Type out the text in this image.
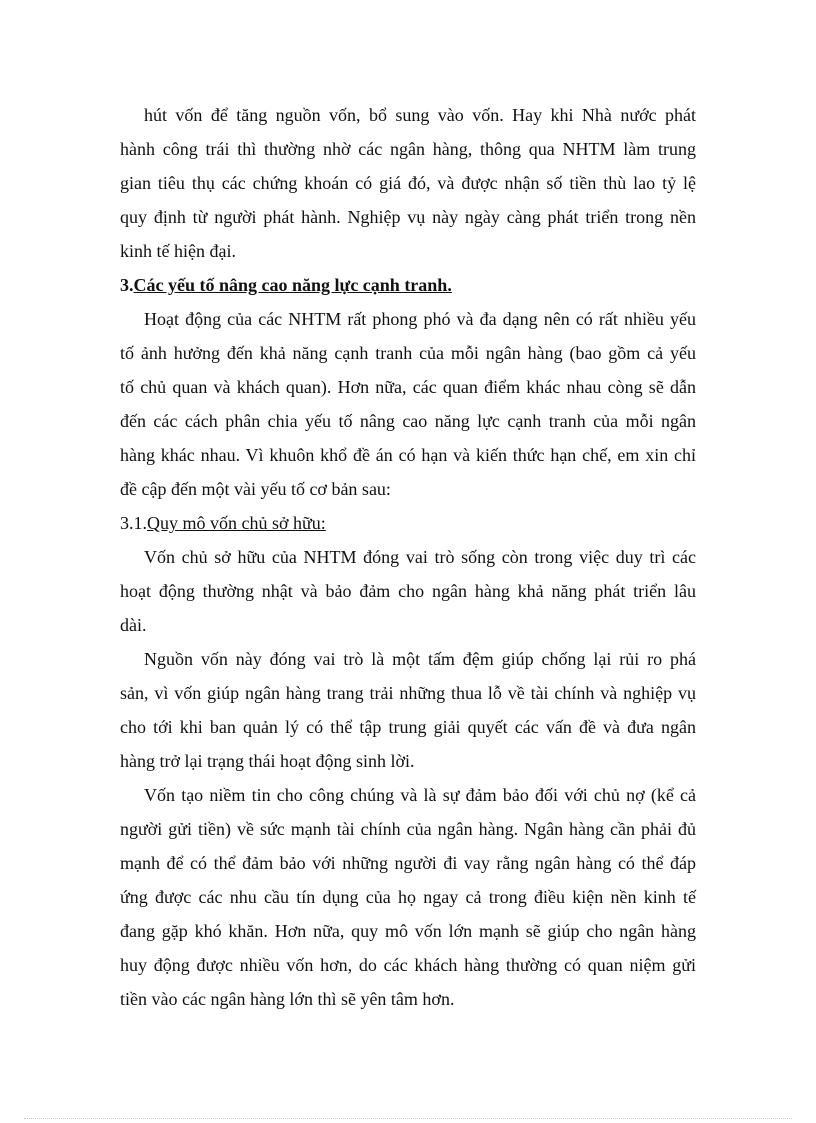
hút vốn để tăng nguồn vốn, bổ sung vào vốn. Hay khi Nhà nước phát
hành công trái thì thường nhờ các ngân hàng, thông qua NHTM làm trung
gian tiêu thụ các chứng khoán có giá đó, và được nhận số tiền thù lao tỷ lệ
quy định từ người phát hành. Nghiệp vụ này ngày càng phát triển trong nền
kinh tế hiện đại.
3.Các yếu tố nâng cao năng lực cạnh tranh.
Hoạt động của các NHTM rất phong phó và đa dạng nên có rất nhiều yếu
tố ảnh hưởng đến khả năng cạnh tranh của mỗi ngân hàng (bao gồm cả yếu
tố chủ quan và khách quan). Hơn nữa, các quan điểm khác nhau còng sẽ dẫn
đến các cách phân chia yếu tố nâng cao năng lực cạnh tranh của mỗi ngân
hàng khác nhau. Vì khuôn khổ đề án có hạn và kiến thức hạn chế, em xin chỉ
đề cập đến một vài yếu tố cơ bản sau:
3.1.Quy mô vốn chủ sở hữu:
Vốn chủ sở hữu của NHTM đóng vai trò sống còn trong việc duy trì các
hoạt động thường nhật và bảo đảm cho ngân hàng khả năng phát triển lâu
dài.
Nguồn vốn này đóng vai trò là một tấm đệm giúp chống lại rủi ro phá
sản, vì vốn giúp ngân hàng trang trải những thua lỗ về tài chính và nghiệp vụ
cho tới khi ban quản lý có thể tập trung giải quyết các vấn đề và đưa ngân
hàng trở lại trạng thái hoạt động sinh lời.
Vốn tạo niềm tin cho công chúng và là sự đảm bảo đối với chủ nợ (kể cả
người gửi tiền) về sức mạnh tài chính của ngân hàng. Ngân hàng cần phải đủ
mạnh để có thể đảm bảo với những người đi vay rằng ngân hàng có thể đáp
ứng được các nhu cầu tín dụng của họ ngay cả trong điều kiện nền kinh tế
đang gặp khó khăn. Hơn nữa, quy mô vốn lớn mạnh sẽ giúp cho ngân hàng
huy động được nhiều vốn hơn, do các khách hàng thường có quan niệm gửi
tiền vào các ngân hàng lớn thì sẽ yên tâm hơn.
